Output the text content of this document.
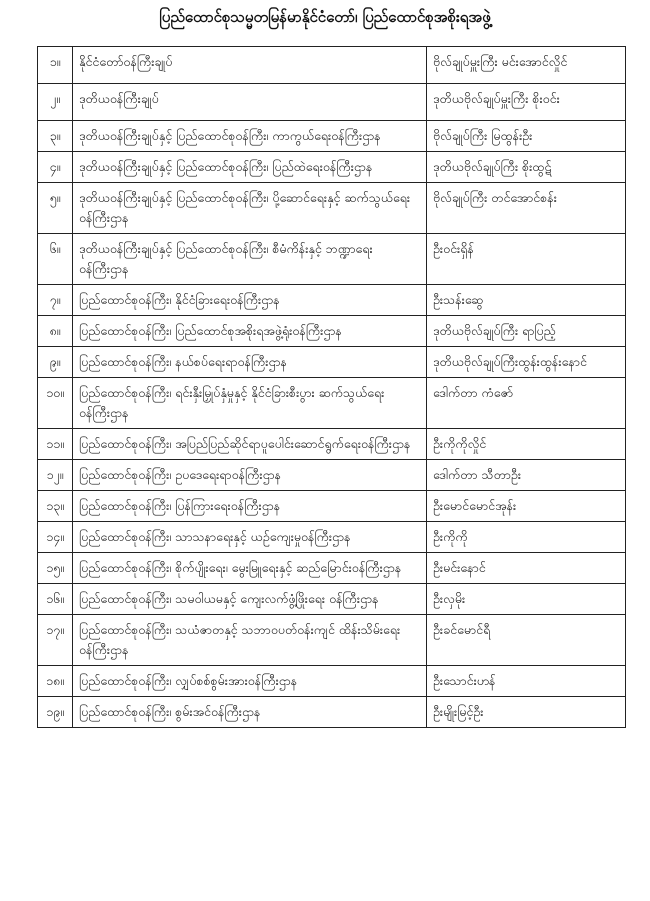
ပြည်ထောင်စုသမ္မတမြန်မာနိုင်ငံတော်၊ ပြည်ထောင်စုအစိုးရအဖွဲ့
၁။	နိုင်ငံတော်ဝန်ကြီးချုပ်	ဗိုလ်ချုပ်မှူးကြီး မင်းအောင်လှိုင်
၂။	ဒုတိယဝန်ကြီးချုပ်	ဒုတိယဗိုလ်ချုပ်မှူးကြီး စိုးဝင်း
၃။	ဒုတိယဝန်ကြီးချုပ်နှင့် ပြည်ထောင်စုဝန်ကြီး၊ ကာကွယ်ရေးဝန်ကြီးဌာန	ဗိုလ်ချုပ်ကြီး မြထွန်းဦး
၄။	ဒုတိယဝန်ကြီးချုပ်နှင့် ပြည်ထောင်စုဝန်ကြီး၊ ပြည်ထဲရေးဝန်ကြီးဌာန	ဒုတိယဗိုလ်ချုပ်ကြီး စိုးထွဋ်
၅။	ဒုတိယဝန်ကြီးချုပ်နှင့် ပြည်ထောင်စုဝန်ကြီး၊ ပို့ဆောင်ရေးနှင့် ဆက်သွယ်ရေးဝန်ကြီးဌာန	ဗိုလ်ချုပ်ကြီး တင်အောင်စန်း
၆။	ဒုတိယဝန်ကြီးချုပ်နှင့် ပြည်ထောင်စုဝန်ကြီး၊ စီမံကိန်းနှင့် ဘဏ္ဍာရေးဝန်ကြီးဌာန	ဦးဝင်းရှိန်
၇။	ပြည်ထောင်စုဝန်ကြီး၊ နိုင်ငံခြားရေးဝန်ကြီးဌာန	ဦးသန်းဆွေ
၈။	ပြည်ထောင်စုဝန်ကြီး၊ ပြည်ထောင်စုအစိုးရအဖွဲ့ရုံးဝန်ကြီးဌာန	ဒုတိယဗိုလ်ချုပ်ကြီး ရာပြည့်
၉။	ပြည်ထောင်စုဝန်ကြီး၊ နယ်စပ်ရေးရာဝန်ကြီးဌာန	ဒုတိယဗိုလ်ချုပ်ကြီးထွန်းထွန်းနောင်
၁၀။	ပြည်ထောင်စုဝန်ကြီး၊ ရင်းနှီးမြှုပ်နှံမှုနှင့် နိုင်ငံခြားစီးပွား ဆက်သွယ်ရေးဝန်ကြီးဌာန	ဒေါက်တာ ကံဇော်
၁၁။	ပြည်ထောင်စုဝန်ကြီး၊ အပြည်ပြည်ဆိုင်ရာပူပေါင်းဆောင်ရွက်ရေးဝန်ကြီးဌာန	ဦးကိုကိုလှိုင်
၁၂။	ပြည်ထောင်စုဝန်ကြီး၊ ဥပဒေရေးရာဝန်ကြီးဌာန	ဒေါက်တာ သီတာဦး
၁၃။	ပြည်ထောင်စုဝန်ကြီး၊ ပြန်ကြားရေးဝန်ကြီးဌာန	ဦးမောင်မောင်အုန်း
၁၄။	ပြည်ထောင်စုဝန်ကြီး၊ သာသနာရေးနှင့် ယဉ်ကျေးမှုဝန်ကြီးဌာန	ဦးကိုကို
၁၅။	ပြည်ထောင်စုဝန်ကြီး၊ စိုက်ပျိုးရေး၊ မွေးမြူရေးနှင့် ဆည်မြောင်းဝန်ကြီးဌာန	ဦးမင်းနောင်
၁၆။	ပြည်ထောင်စုဝန်ကြီး၊ သမဝါယမနှင့် ကျေးလက်ဖွံ့ဖြိုးရေး ဝန်ကြီးဌာန	ဦးလှမိုး
၁၇။	ပြည်ထောင်စုဝန်ကြီး၊ သယံဇာတနှင့် သဘာဝပတ်ဝန်းကျင် ထိန်းသိမ်းရေးဝန်ကြီးဌာန	ဦးခင်မောင်ရီ
၁၈။	ပြည်ထောင်စုဝန်ကြီး၊ လျှပ်စစ်စွမ်းအားဝန်ကြီးဌာန	ဦးသောင်းဟန်
၁၉။	ပြည်ထောင်စုဝန်ကြီး၊ စွမ်းအင်ဝန်ကြီးဌာန	ဦးမျိုးမြင့်ဦး
